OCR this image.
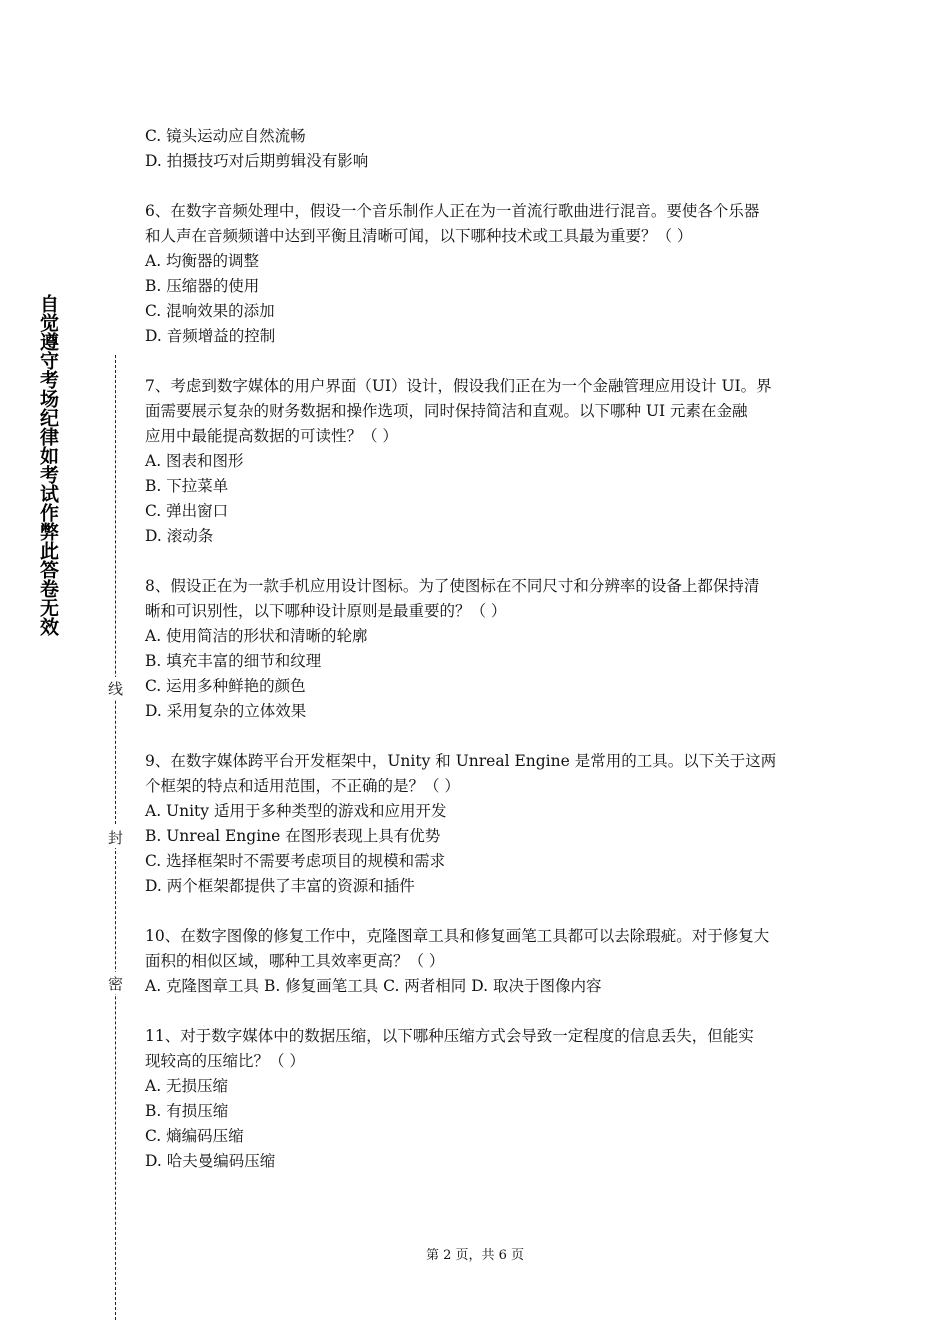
自觉遵守考场纪律如考试作弊此答卷无效
线
封
密
C. 镜头运动应自然流畅
D. 拍摄技巧对后期剪辑没有影响
6、在数字音频处理中，假设一个音乐制作人正在为一首流行歌曲进行混音。要使各个乐器
和人声在音频频谱中达到平衡且清晰可闻，以下哪种技术或工具最为重要？（ ）
A. 均衡器的调整
B. 压缩器的使用
C. 混响效果的添加
D. 音频增益的控制
7、考虑到数字媒体的用户界面（UI）设计，假设我们正在为一个金融管理应用设计 UI。界
面需要展示复杂的财务数据和操作选项，同时保持简洁和直观。以下哪种 UI 元素在金融
应用中最能提高数据的可读性？（ ）
A. 图表和图形
B. 下拉菜单
C. 弹出窗口
D. 滚动条
8、假设正在为一款手机应用设计图标。为了使图标在不同尺寸和分辨率的设备上都保持清
晰和可识别性，以下哪种设计原则是最重要的？（ ）
A. 使用简洁的形状和清晰的轮廓
B. 填充丰富的细节和纹理
C. 运用多种鲜艳的颜色
D. 采用复杂的立体效果
9、在数字媒体跨平台开发框架中，Unity 和 Unreal Engine 是常用的工具。以下关于这两
个框架的特点和适用范围，不正确的是？（ ）
A. Unity 适用于多种类型的游戏和应用开发
B. Unreal Engine 在图形表现上具有优势
C. 选择框架时不需要考虑项目的规模和需求
D. 两个框架都提供了丰富的资源和插件
10、在数字图像的修复工作中，克隆图章工具和修复画笔工具都可以去除瑕疵。对于修复大
面积的相似区域，哪种工具效率更高？（ ）
A. 克隆图章工具 B. 修复画笔工具 C. 两者相同 D. 取决于图像内容
11、对于数字媒体中的数据压缩，以下哪种压缩方式会导致一定程度的信息丢失，但能实
现较高的压缩比？（ ）
A. 无损压缩
B. 有损压缩
C. 熵编码压缩
D. 哈夫曼编码压缩
第 2 页，共 6 页
